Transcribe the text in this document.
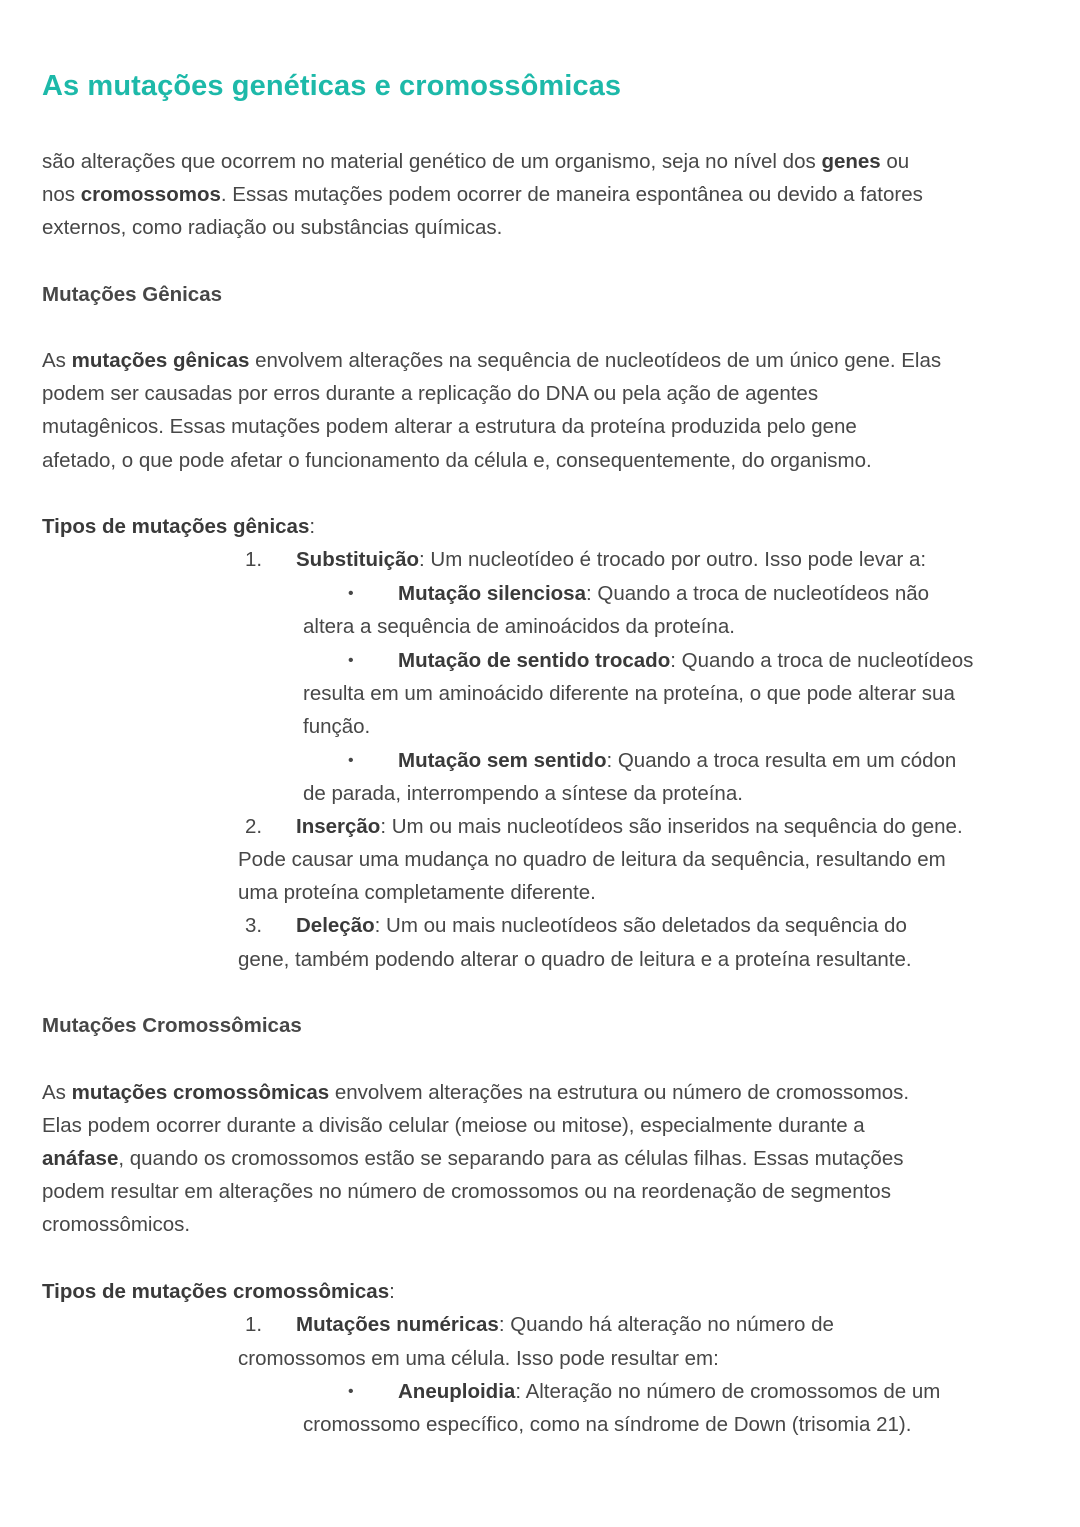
As mutações genéticas e cromossômicas
são alterações que ocorrem no material genético de um organismo, seja no nível dos genes ou
nos cromossomos. Essas mutações podem ocorrer de maneira espontânea ou devido a fatores
externos, como radiação ou substâncias químicas.
Mutações Gênicas
As mutações gênicas envolvem alterações na sequência de nucleotídeos de um único gene. Elas
podem ser causadas por erros durante a replicação do DNA ou pela ação de agentes
mutagênicos. Essas mutações podem alterar a estrutura da proteína produzida pelo gene
afetado, o que pode afetar o funcionamento da célula e, consequentemente, do organismo.
Tipos de mutações gênicas:
1. Substituição: Um nucleotídeo é trocado por outro. Isso pode levar a:
• Mutação silenciosa: Quando a troca de nucleotídeos não
altera a sequência de aminoácidos da proteína.
• Mutação de sentido trocado: Quando a troca de nucleotídeos
resulta em um aminoácido diferente na proteína, o que pode alterar sua
função.
• Mutação sem sentido: Quando a troca resulta em um códon
de parada, interrompendo a síntese da proteína.
2. Inserção: Um ou mais nucleotídeos são inseridos na sequência do gene.
Pode causar uma mudança no quadro de leitura da sequência, resultando em
uma proteína completamente diferente.
3. Deleção: Um ou mais nucleotídeos são deletados da sequência do
gene, também podendo alterar o quadro de leitura e a proteína resultante.
Mutações Cromossômicas
As mutações cromossômicas envolvem alterações na estrutura ou número de cromossomos.
Elas podem ocorrer durante a divisão celular (meiose ou mitose), especialmente durante a
anáfase, quando os cromossomos estão se separando para as células filhas. Essas mutações
podem resultar em alterações no número de cromossomos ou na reordenação de segmentos
cromossômicos.
Tipos de mutações cromossômicas:
1. Mutações numéricas: Quando há alteração no número de
cromossomos em uma célula. Isso pode resultar em:
• Aneuploidia: Alteração no número de cromossomos de um
cromossomo específico, como na síndrome de Down (trisomia 21).
